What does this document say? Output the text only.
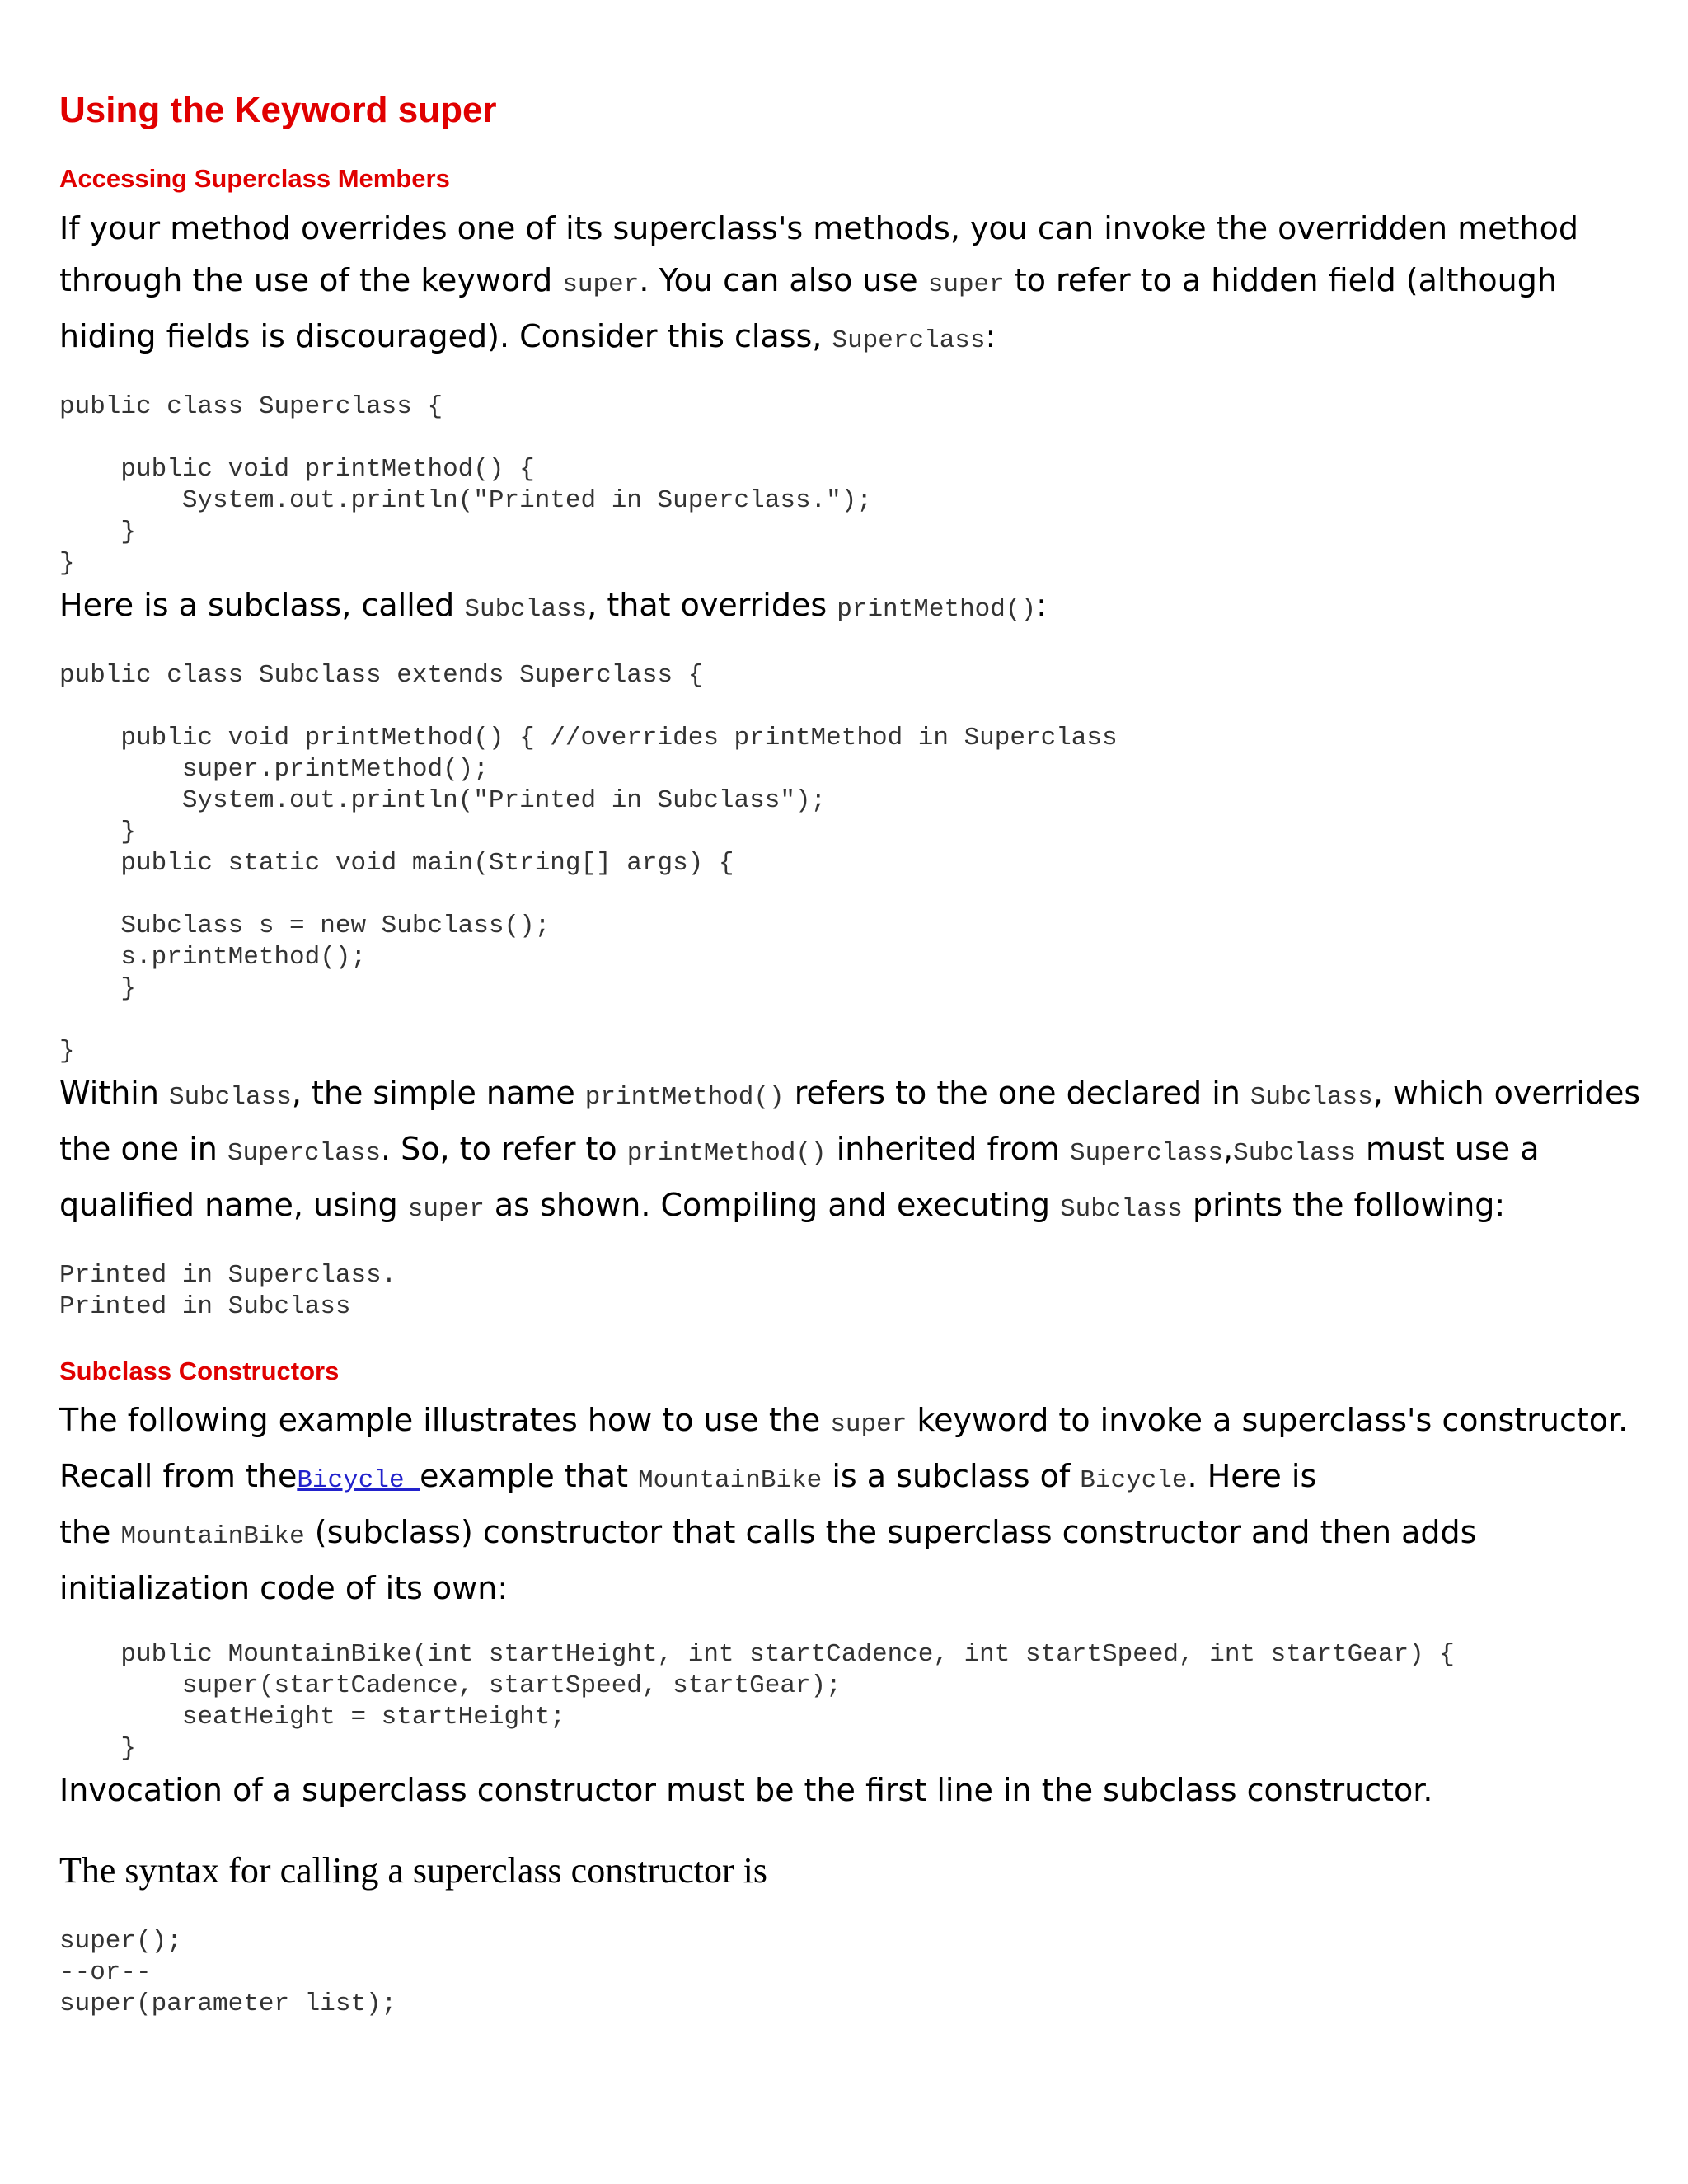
Using the Keyword super
Accessing Superclass Members

If your method overrides one of its superclass's methods, you can invoke the overridden method through the use of the keyword super. You can also use super to refer to a hidden field (although hiding fields is discouraged). Consider this class, Superclass:

public class Superclass {

public void printMethod() {
System.out.println("Printed in Superclass.");
}
}

Here is a subclass, called Subclass, that overrides printMethod():

public class Subclass extends Superclass {

public void printMethod() { //overrides printMethod in Superclass
super.printMethod();
System.out.println("Printed in Subclass");
}
public static void main(String[] args) {

Subclass s = new Subclass();
s.printMethod();
}

}

Within Subclass, the simple name printMethod() refers to the one declared in Subclass, which overrides the one in Superclass. So, to refer to printMethod() inherited from Superclass,Subclass must use a qualified name, using super as shown. Compiling and executing Subclass prints the following:

Printed in Superclass.
Printed in Subclass
Subclass Constructors

The following example illustrates how to use the super keyword to invoke a superclass's constructor. Recall from theBicycle example that MountainBike is a subclass of Bicycle. Here is
the MountainBike (subclass) constructor that calls the superclass constructor and then adds initialization code of its own:

public MountainBike(int startHeight, int startCadence, int startSpeed, int startGear) {
super(startCadence, startSpeed, startGear);
seatHeight = startHeight;
}

Invocation of a superclass constructor must be the first line in the subclass constructor.

The syntax for calling a superclass constructor is

super();
--or--
super(parameter list);
